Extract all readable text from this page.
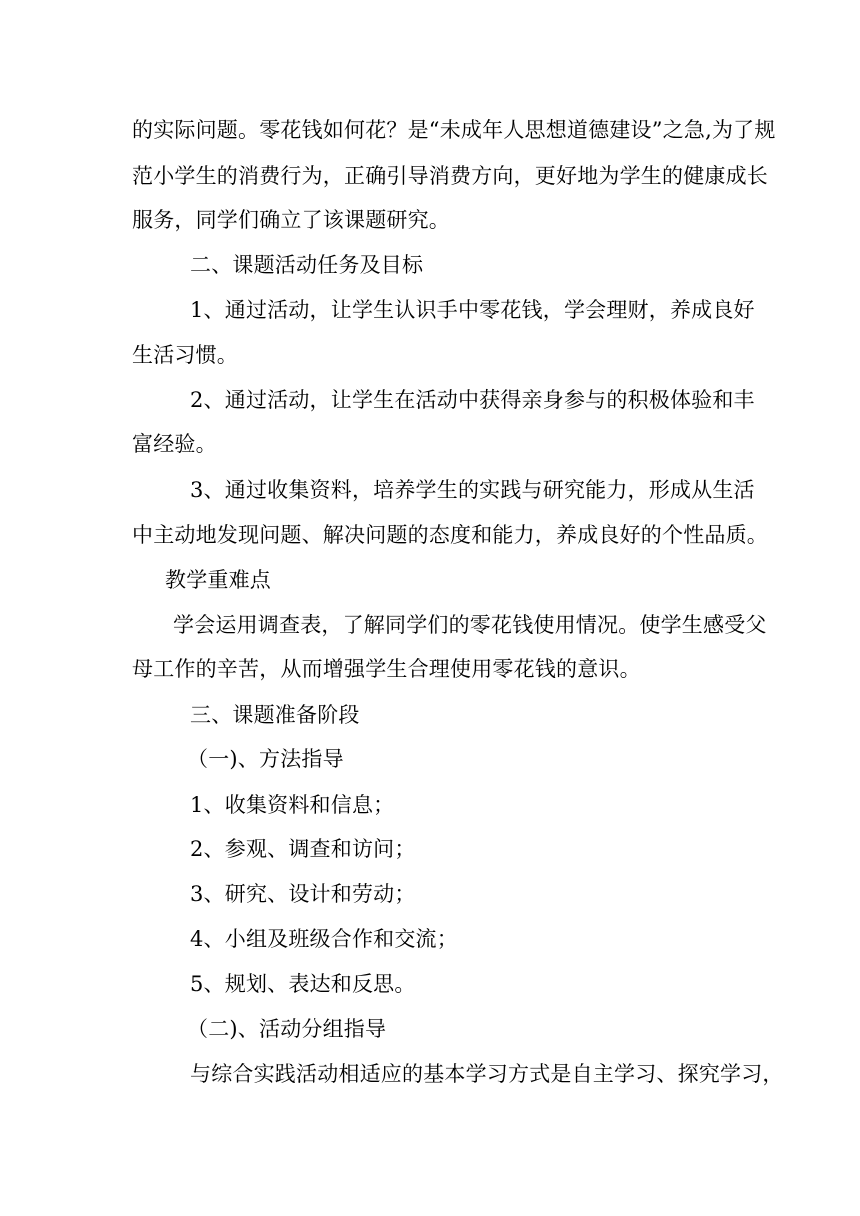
的实际问题。零花钱如何花？是“未成年人思想道德建设”之急,为了规
范小学生的消费行为，正确引导消费方向，更好地为学生的健康成长
服务，同学们确立了该课题研究。
二、课题活动任务及目标
1、通过活动，让学生认识手中零花钱，学会理财，养成良好
生活习惯。
2、通过活动，让学生在活动中获得亲身参与的积极体验和丰
富经验。
3、通过收集资料，培养学生的实践与研究能力，形成从生活
中主动地发现问题、解决问题的态度和能力，养成良好的个性品质。
教学重难点
学会运用调查表，了解同学们的零花钱使用情况。使学生感受父
母工作的辛苦，从而增强学生合理使用零花钱的意识。
三、课题准备阶段
（一)、方法指导
1、收集资料和信息；
2、参观、调查和访问；
3、研究、设计和劳动；
4、小组及班级合作和交流；
5、规划、表达和反思。
（二)、活动分组指导
与综合实践活动相适应的基本学习方式是自主学习、探究学习，
